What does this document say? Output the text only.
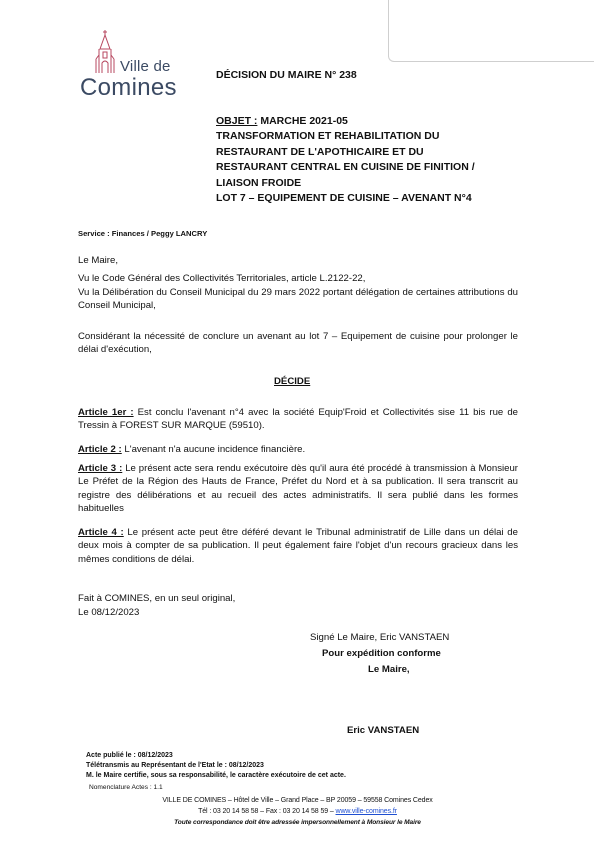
Ville de
Comines	DÉCISION DU MAIRE N° 238
OBJET : MARCHE 2021-05
TRANSFORMATION ET REHABILITATION DU
RESTAURANT DE L'APOTHICAIRE ET DU
RESTAURANT CENTRAL EN CUISINE DE FINITION /
LIAISON FROIDE
LOT 7 – EQUIPEMENT DE CUISINE – AVENANT N°4
Service : Finances / Peggy LANCRY
Le Maire,
Vu le Code Général des Collectivités Territoriales, article L.2122-22,
Vu la Délibération du Conseil Municipal du 29 mars 2022 portant délégation de certaines attributions du Conseil Municipal,
Considérant la nécessité de conclure un avenant au lot 7 – Equipement de cuisine pour prolonger le délai d'exécution,
DÉCIDE
Article 1er : Est conclu l'avenant n°4 avec la société Equip'Froid et Collectivités sise 11 bis rue de Tressin à FOREST SUR MARQUE (59510).
Article 2 : L'avenant n'a aucune incidence financière.
Article 3 : Le présent acte sera rendu exécutoire dès qu'il aura été procédé à transmission à Monsieur Le Préfet de la Région des Hauts de France, Préfet du Nord et à sa publication. Il sera transcrit au registre des délibérations et au recueil des actes administratifs. Il sera publié dans les formes habituelles
Article 4 : Le présent acte peut être déféré devant le Tribunal administratif de Lille dans un délai de deux mois à compter de sa publication. Il peut également faire l'objet d'un recours gracieux dans les mêmes conditions de délai.
Fait à COMINES, en un seul original,
Le 08/12/2023
Signé Le Maire, Eric VANSTAEN
Pour expédition conforme
Le Maire,
Eric VANSTAEN
Acte publié le : 08/12/2023
Télétransmis au Représentant de l'Etat le : 08/12/2023
M. le Maire certifie, sous sa responsabilité, le caractère exécutoire de cet acte.
Nomenclature Actes : 1.1
VILLE DE COMINES – Hôtel de Ville – Grand Place – BP 20059 – 59558 Comines Cedex
Tél : 03 20 14 58 58 – Fax : 03 20 14 58 59 – www.ville-comines.fr
Toute correspondance doit être adressée impersonnellement à Monsieur le Maire
